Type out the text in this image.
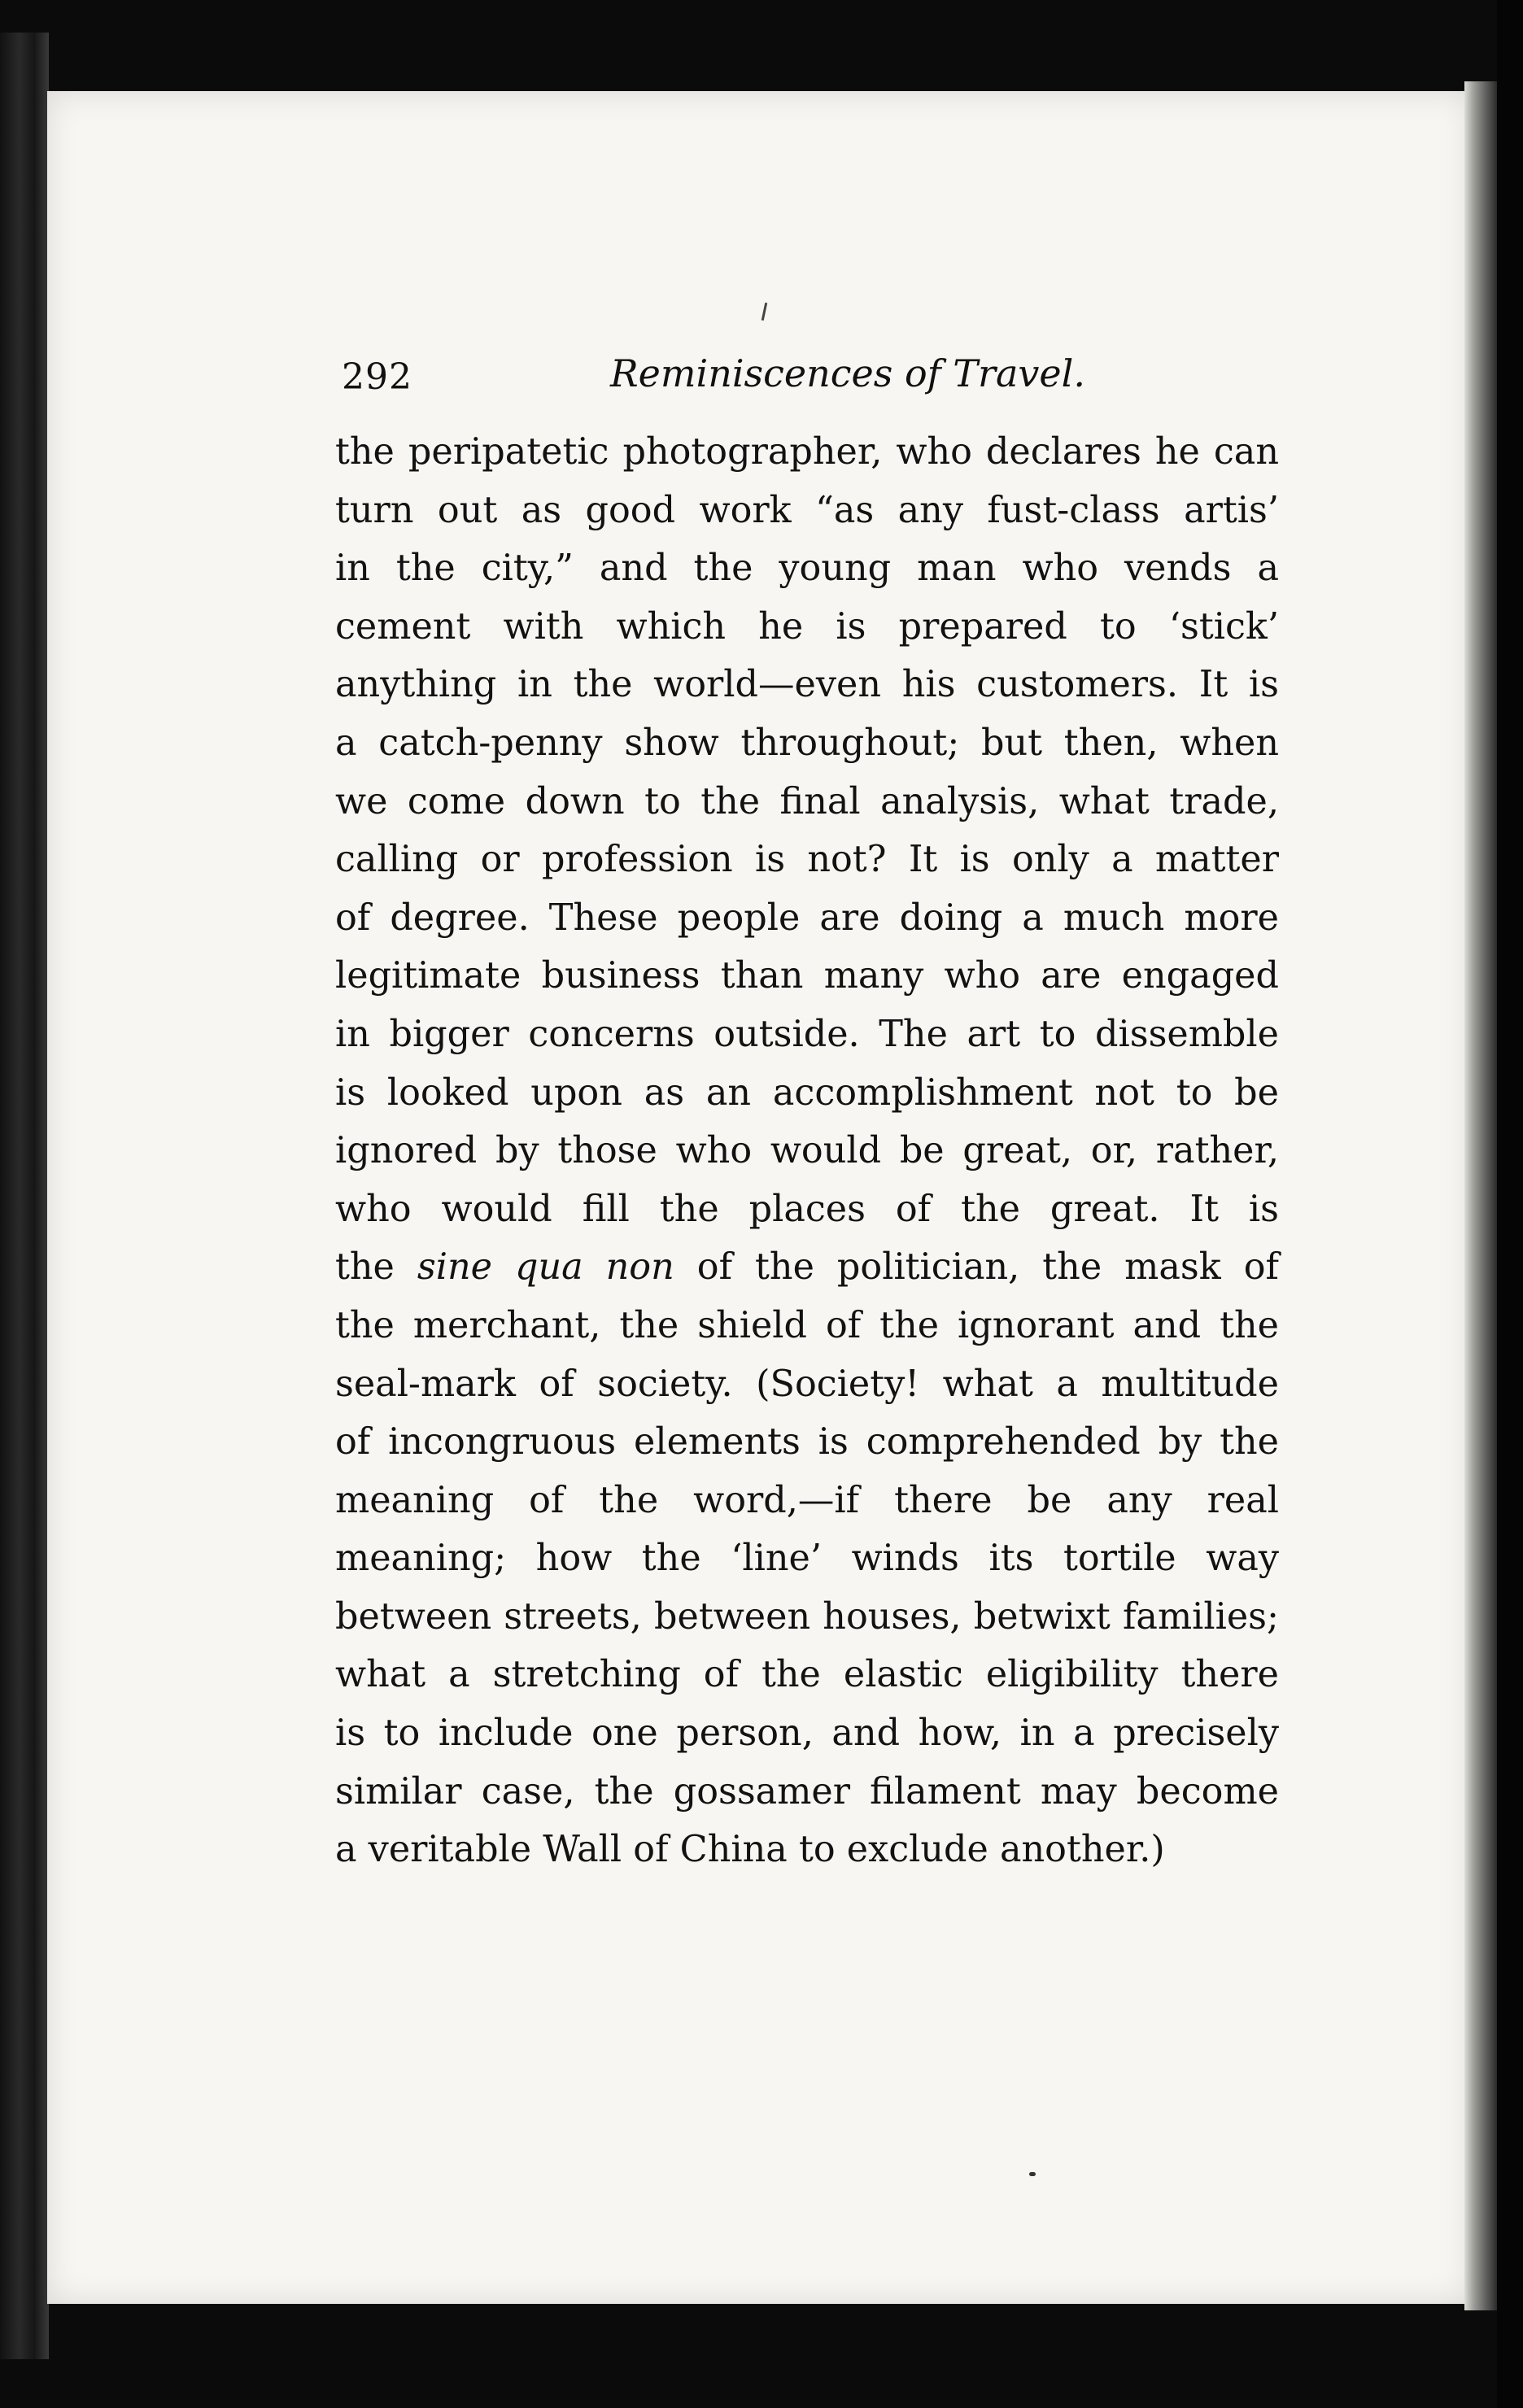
292	Reminiscences of Travel.
the peripatetic photographer, who declares he can
turn out as good work “as any fust-class artis’
in the city,” and the young man who vends a
cement with which he is prepared to ‘stick’
anything in the world—even his customers. It is
a catch-penny show throughout; but then, when
we come down to the final analysis, what trade,
calling or profession is not? It is only a matter
of degree. These people are doing a much more
legitimate business than many who are engaged
in bigger concerns outside. The art to dissemble
is looked upon as an accomplishment not to be
ignored by those who would be great, or, rather,
who would fill the places of the great. It is
the sine qua non of the politician, the mask of
the merchant, the shield of the ignorant and the
seal-mark of society. (Society! what a multitude
of incongruous elements is comprehended by the
meaning of the word,—if there be any real
meaning; how the ‘line’ winds its tortile way
between streets, between houses, betwixt families;
what a stretching of the elastic eligibility there
is to include one person, and how, in a precisely
similar case, the gossamer filament may become
a veritable Wall of China to exclude another.)
